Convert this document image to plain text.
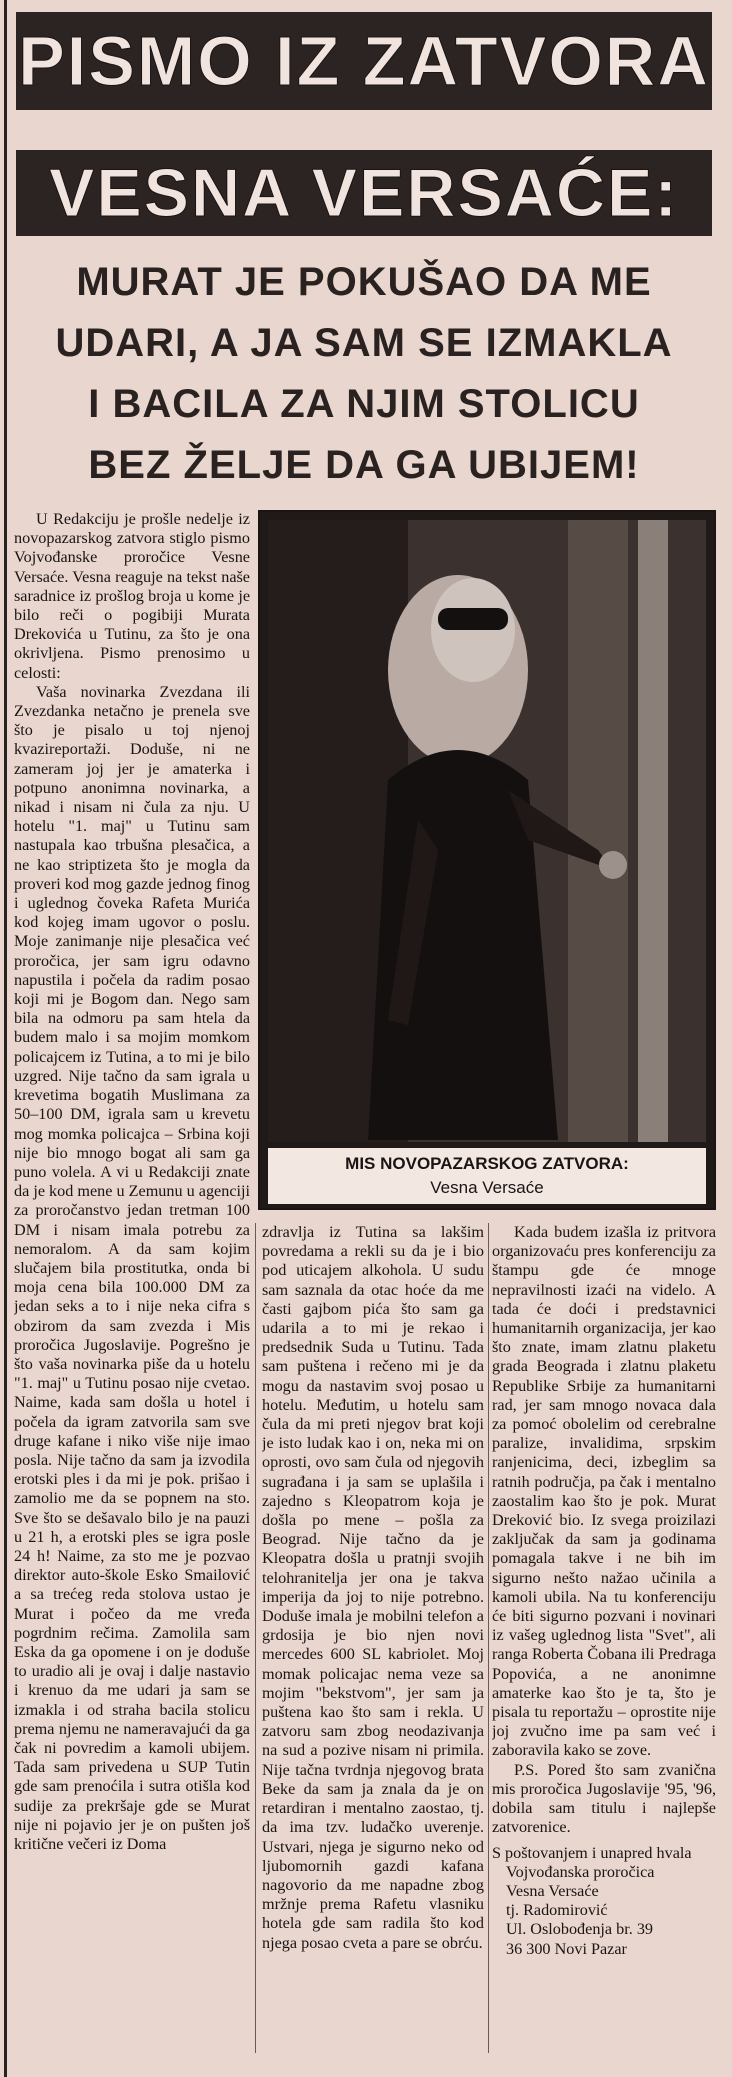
PISMO IZ ZATVORA
VESNA VERSAĆE:
MURAT JE POKUŠAO DA ME
UDARI, A JA SAM SE IZMAKLA
I BACILA ZA NJIM STOLICU
BEZ ŽELJE DA GA UBIJEM!

U Redakciju je prošle nedelje iz novopazarskog zatvora stiglo pismo Vojvođanske proročice Vesne Versaće. Vesna reaguje na tekst naše saradnice iz prošlog broja u kome je bilo reči o pogibiji Murata Drekovića u Tutinu, za što je ona okrivljena. Pismo prenosimo u celosti:

Vaša novinarka Zvezdana ili Zvezdanka netačno je prenela sve što je pisalo u toj njenoj kvazireportaži. Doduše, ni ne zameram joj jer je amaterka i potpuno anonimna novinarka, a nikad i nisam ni čula za nju. U hotelu "1. maj" u Tutinu sam nastupala kao trbušna plesačica, a ne kao striptizeta što je mogla da proveri kod mog gazde jednog finog i uglednog čoveka Rafeta Murića kod kojeg imam ugovor o poslu. Moje zanimanje nije plesačica već proročica, jer sam igru odavno napustila i počela da radim posao koji mi je Bogom dan. Nego sam bila na odmoru pa sam htela da budem malo i sa mojim momkom policajcem iz Tutina, a to mi je bilo uzgred. Nije tačno da sam igrala u krevetima bogatih Muslimana za 50–100 DM, igrala sam u krevetu mog momka policajca – Srbina koji nije bio mnogo bogat ali sam ga puno volela. A vi u Redakciji znate da je kod mene u Zemunu u agenciji za proročanstvo jedan tretman 100 DM i nisam imala potrebu za nemoralom. A da sam kojim slučajem bila prostitutka, onda bi moja cena bila 100.000 DM za jedan seks a to i nije neka cifra s obzirom da sam zvezda i Mis proročica Jugoslavije. Pogrešno je što vaša novinarka piše da u hotelu "1. maj" u Tutinu posao nije cvetao. Naime, kada sam došla u hotel i počela da igram zatvorila sam sve druge kafane i niko više nije imao posla. Nije tačno da sam ja izvodila erotski ples i da mi je pok. prišao i zamolio me da se popnem na sto. Sve što se dešavalo bilo je na pauzi u 21 h, a erotski ples se igra posle 24 h! Naime, za sto me je pozvao direktor auto-škole Esko Smailović a sa trećeg reda stolova ustao je Murat i počeo da me vređa pogrdnim rečima. Zamolila sam Eska da ga opomene i on je doduše to uradio ali je ovaj i dalje nastavio i krenuo da me udari ja sam se izmakla i od straha bacila stolicu prema njemu ne nameravajući da ga čak ni povredim a kamoli ubijem. Tada sam privedena u SUP Tutin gde sam prenoćila i sutra otišla kod sudije za prekršaje gde se Murat nije ni pojavio jer je on pušten još kritične večeri iz Doma

MIS NOVOPAZARSKOG ZATVORA:
Vesna Versaće

zdravlja iz Tutina sa lakšim povredama a rekli su da je i bio pod uticajem alkohola. U sudu sam saznala da otac hoće da me časti gajbom pića što sam ga udarila a to mi je rekao i predsednik Suda u Tutinu. Tada sam puštena i rečeno mi je da mogu da nastavim svoj posao u hotelu. Međutim, u hotelu sam čula da mi preti njegov brat koji je isto ludak kao i on, neka mi on oprosti, ovo sam čula od njegovih sugrađana i ja sam se uplašila i zajedno s Kleopatrom koja je došla po mene – pošla za Beograd. Nije tačno da je Kleopatra došla u pratnji svojih telohranitelja jer ona je takva imperija da joj to nije potrebno. Doduše imala je mobilni telefon a grdosija je bio njen novi mercedes 600 SL kabriolet. Moj momak policajac nema veze sa mojim "bekstvom", jer sam ja puštena kao što sam i rekla. U zatvoru sam zbog neodazivanja na sud a pozive nisam ni primila. Nije tačna tvrdnja njegovog brata Beke da sam ja znala da je on retardiran i mentalno zaostao, tj. da ima tzv. ludačko uverenje. Ustvari, njega je sigurno neko od ljubomornih gazdi kafana nagovorio da me napadne zbog mržnje prema Rafetu vlasniku hotela gde sam radila što kod njega posao cveta a pare se obrću.

Kada budem izašla iz pritvora organizovaću pres konferenciju za štampu gde će mnoge nepravilnosti izaći na videlo. A tada će doći i predstavnici humanitarnih organizacija, jer kao što znate, imam zlatnu plaketu grada Beograda i zlatnu plaketu Republike Srbije za humanitarni rad, jer sam mnogo novaca dala za pomoć obolelim od cerebralne paralize, invalidima, srpskim ranjenicima, deci, izbeglim sa ratnih područja, pa čak i mentalno zaostalim kao što je pok. Murat Dreković bio. Iz svega proizilazi zaključak da sam ja godinama pomagala takve i ne bih im sigurno nešto nažao učinila a kamoli ubila. Na tu konferenciju će biti sigurno pozvani i novinari iz vašeg uglednog lista "Svet", ali ranga Roberta Čobana ili Predraga Popovića, a ne anonimne amaterke kao što je ta, što je pisala tu reportažu – oprostite nije joj zvučno ime pa sam već i zaboravila kako se zove.

P.S. Pored što sam zvanična mis proročica Jugoslavije '95, '96, dobila sam titulu i najlepše zatvorenice.

S poštovanjem i unapred hvala

Vojvođanska proročica

Vesna Versaće

tj. Radomirović

Ul. Oslobođenja br. 39

36 300 Novi Pazar
